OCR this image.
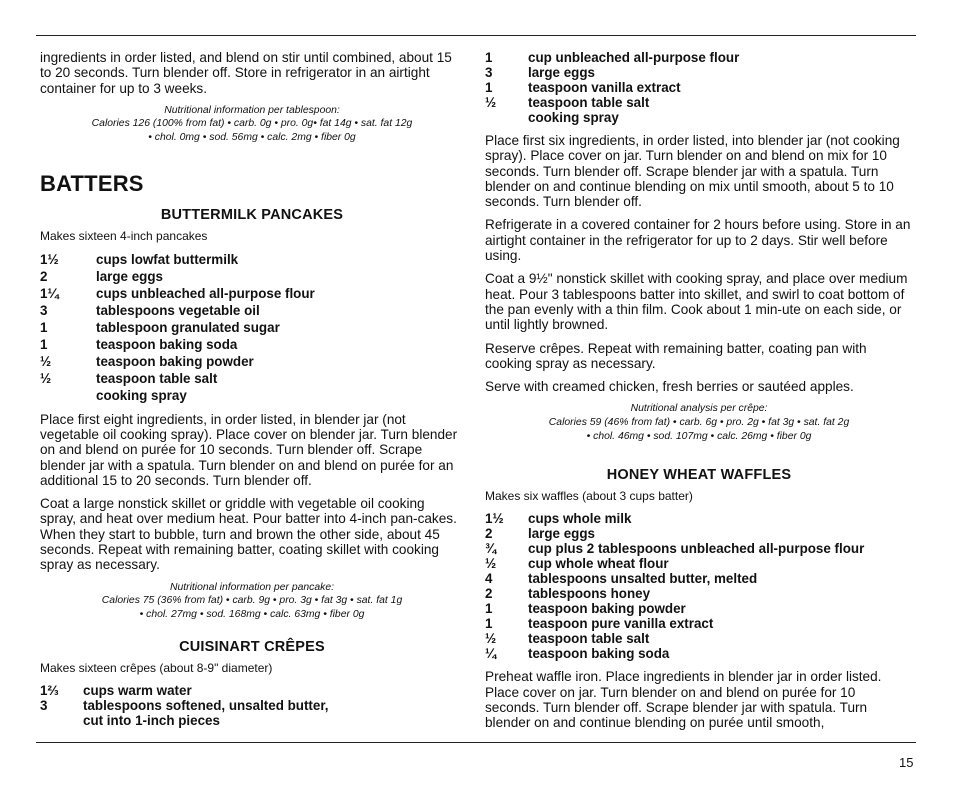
ingredients in order listed, and blend on stir until combined, about 15 to 20 seconds. Turn blender off. Store in refrigerator in an airtight container for up to 3 weeks.

Nutritional information per tablespoon:
Calories 126 (100% from fat) • carb. 0g • pro. 0g• fat 14g • sat. fat 12g
• chol. 0mg • sod. 56mg • calc. 2mg • fiber 0g
BATTERS
BUTTERMILK PANCAKES
Makes sixteen 4-inch pancakes
1½	cups lowfat buttermilk
2	large eggs
1¼	cups unbleached all-purpose flour
3	tablespoons vegetable oil
1	tablespoon granulated sugar
1	teaspoon baking soda
½	teaspoon baking powder
½	teaspoon table salt
cooking spray

Place first eight ingredients, in order listed, in blender jar (not vegetable oil cooking spray). Place cover on blender jar. Turn blender on and blend on purée for 10 seconds. Turn blender off. Scrape blender jar with a spatula. Turn blender on and blend on purée for an additional 15 to 20 seconds. Turn blender off.

Coat a large nonstick skillet or griddle with vegetable oil cooking spray, and heat over medium heat. Pour batter into 4-inch pan-cakes. When they start to bubble, turn and brown the other side, about 45 seconds. Repeat with remaining batter, coating skillet with cooking spray as necessary.

Nutritional information per pancake:
Calories 75 (36% from fat) • carb. 9g • pro. 3g • fat 3g • sat. fat 1g
• chol. 27mg • sod. 168mg • calc. 63mg • fiber 0g
CUISINART CRÊPES
Makes sixteen crêpes (about 8-9" diameter)
1⅔	cups warm water
3	tablespoons softened, unsalted butter,
cut into 1-inch pieces
1	cup unbleached all-purpose flour
3	large eggs
1	teaspoon vanilla extract
½	teaspoon table salt
cooking spray

Place first six ingredients, in order listed, into blender jar (not cooking spray). Place cover on jar. Turn blender on and blend on mix for 10 seconds. Turn blender off. Scrape blender jar with a spatula. Turn blender on and continue blending on mix until smooth, about 5 to 10 seconds. Turn blender off.

Refrigerate in a covered container for 2 hours before using. Store in an airtight container in the refrigerator for up to 2 days. Stir well before using.

Coat a 9½" nonstick skillet with cooking spray, and place over medium heat. Pour 3 tablespoons batter into skillet, and swirl to coat bottom of the pan evenly with a thin film. Cook about 1 min-ute on each side, or until lightly browned.

Reserve crêpes. Repeat with remaining batter, coating pan with cooking spray as necessary.

Serve with creamed chicken, fresh berries or sautéed apples.

Nutritional analysis per crêpe:
Calories 59 (46% from fat) • carb. 6g • pro. 2g • fat 3g • sat. fat 2g
• chol. 46mg • sod. 107mg • calc. 26mg • fiber 0g
HONEY WHEAT WAFFLES
Makes six waffles (about 3 cups batter)
1½	cups whole milk
2	large eggs
¾	cup plus 2 tablespoons unbleached all-purpose flour
½	cup whole wheat flour
4	tablespoons unsalted butter, melted
2	tablespoons honey
1	teaspoon baking powder
1	teaspoon pure vanilla extract
½	teaspoon table salt
¼	teaspoon baking soda

Preheat waffle iron. Place ingredients in blender jar in order listed. Place cover on jar. Turn blender on and blend on purée for 10 seconds. Turn blender off. Scrape blender jar with spatula. Turn blender on and continue blending on purée until smooth,

15
